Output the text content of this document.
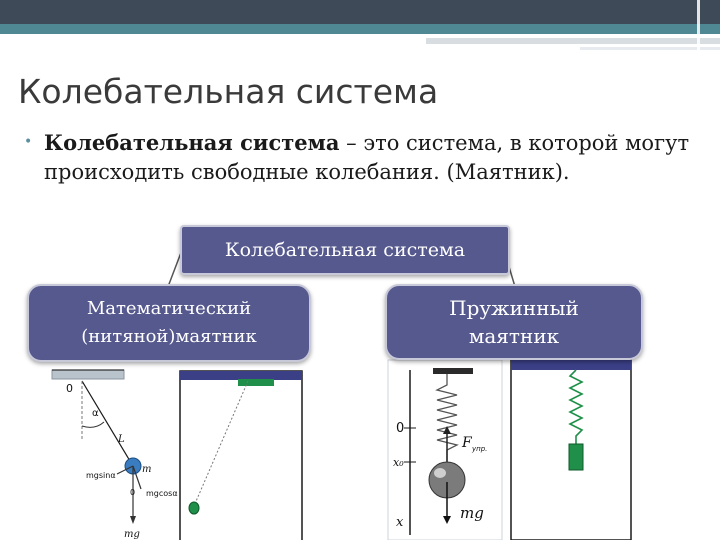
Колебательная система
• Колебательная система – это система, в которой могут происходить свободные колебания. (Маятник).
0
α
L
m
mgsinα
0 mgcosα
mg
0
x₀
F упр.
mg
x
Колебательная система
Математический
(нитяной)маятник
Пружинный
маятник
